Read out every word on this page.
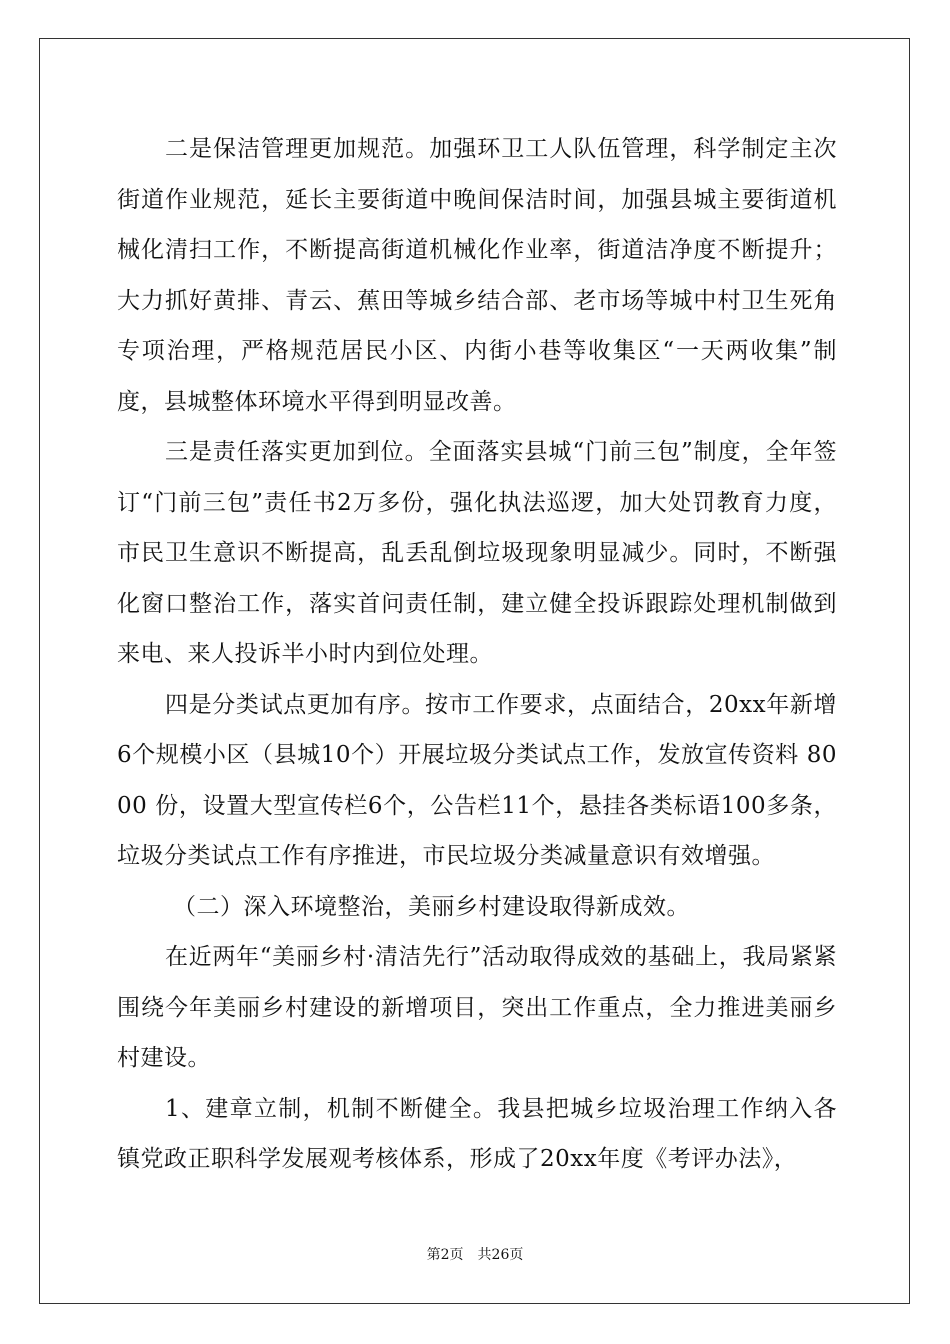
二是保洁管理更加规范。加强环卫工人队伍管理，科学制定主次街道作业规范，延长主要街道中晚间保洁时间，加强县城主要街道机械化清扫工作，不断提高街道机械化作业率，街道洁净度不断提升；大力抓好黄排、青云、蕉田等城乡结合部、老市场等城中村卫生死角专项治理，严格规范居民小区、内街小巷等收集区“一天两收集”制度，县城整体环境水平得到明显改善。

三是责任落实更加到位。全面落实县城“门前三包”制度，全年签订“门前三包”责任书2万多份，强化执法巡逻，加大处罚教育力度，市民卫生意识不断提高，乱丢乱倒垃圾现象明显减少。同时，不断强化窗口整治工作，落实首问责任制，建立健全投诉跟踪处理机制做到来电、来人投诉半小时内到位处理。

四是分类试点更加有序。按市工作要求，点面结合，20xx年新增6个规模小区（县城10个）开展垃圾分类试点工作，发放宣传资料 8000 份，设置大型宣传栏6个，公告栏11个，悬挂各类标语100多条，垃圾分类试点工作有序推进，市民垃圾分类减量意识有效增强。

（二）深入环境整治，美丽乡村建设取得新成效。

在近两年“美丽乡村·清洁先行”活动取得成效的基础上，我局紧紧围绕今年美丽乡村建设的新增项目，突出工作重点，全力推进美丽乡村建设。

1、建章立制，机制不断健全。我县把城乡垃圾治理工作纳入各镇党政正职科学发展观考核体系，形成了20xx年度《考评办法》，

第2页 共26页
